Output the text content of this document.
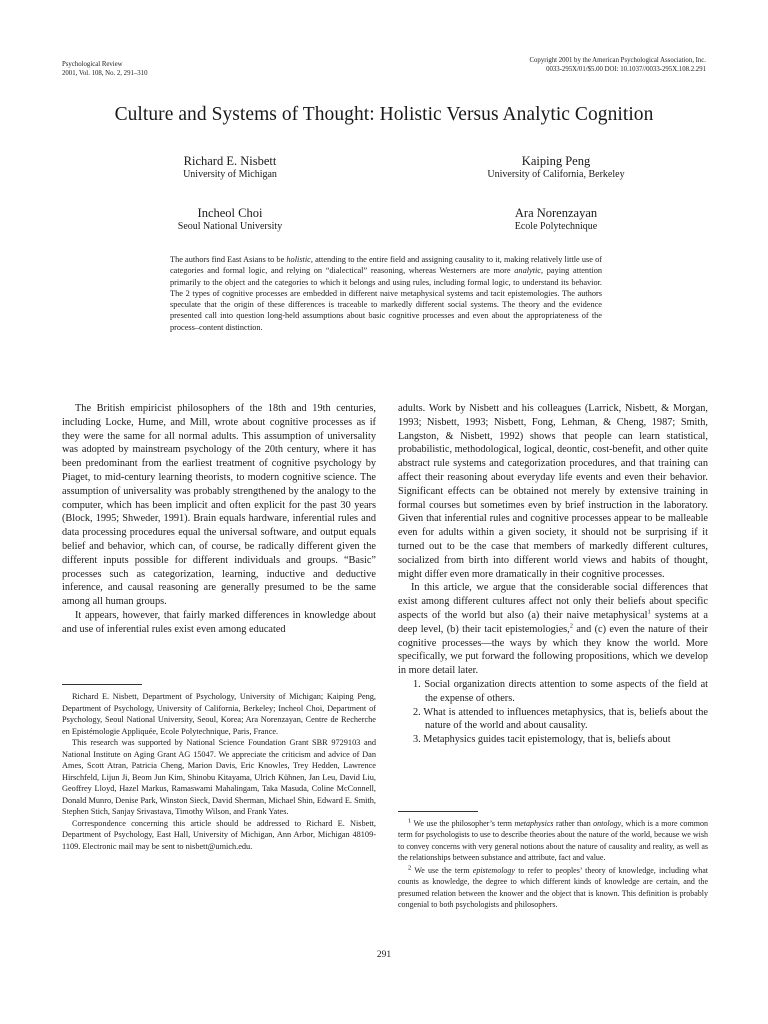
Psychological Review
2001, Vol. 108, No. 2, 291–310
Copyright 2001 by the American Psychological Association, Inc.
0033-295X/01/$5.00 DOI: 10.1037//0033-295X.108.2.291
Culture and Systems of Thought: Holistic Versus Analytic Cognition
Richard E. Nisbett
University of Michigan
Kaiping Peng
University of California, Berkeley
Incheol Choi
Seoul National University
Ara Norenzayan
Ecole Polytechnique
The authors find East Asians to be holistic, attending to the entire field and assigning causality to it, making relatively little use of categories and formal logic, and relying on “dialectical” reasoning, whereas Westerners are more analytic, paying attention primarily to the object and the categories to which it belongs and using rules, including formal logic, to understand its behavior. The 2 types of cognitive processes are embedded in different naive metaphysical systems and tacit epistemologies. The authors speculate that the origin of these differences is traceable to markedly different social systems. The theory and the evidence presented call into question long-held assumptions about basic cognitive processes and even about the appropriateness of the process–content distinction.

The British empiricist philosophers of the 18th and 19th centuries, including Locke, Hume, and Mill, wrote about cognitive processes as if they were the same for all normal adults. This assumption of universality was adopted by mainstream psychology of the 20th century, where it has been predominant from the earliest treatment of cognitive psychology by Piaget, to mid-century learning theorists, to modern cognitive science. The assumption of universality was probably strengthened by the analogy to the computer, which has been implicit and often explicit for the past 30 years (Block, 1995; Shweder, 1991). Brain equals hardware, inferential rules and data processing procedures equal the universal software, and output equals belief and behavior, which can, of course, be radically different given the different inputs possible for different individuals and groups. “Basic” processes such as categorization, learning, inductive and deductive inference, and causal reasoning are generally presumed to be the same among all human groups.

It appears, however, that fairly marked differences in knowledge about and use of inferential rules exist even among educated

Richard E. Nisbett, Department of Psychology, University of Michigan; Kaiping Peng, Department of Psychology, University of California, Berkeley; Incheol Choi, Department of Psychology, Seoul National University, Seoul, Korea; Ara Norenzayan, Centre de Recherche en Epistémologie Appliquée, Ecole Polytechnique, Paris, France.

This research was supported by National Science Foundation Grant SBR 9729103 and National Institute on Aging Grant AG 15047. We appreciate the criticism and advice of Dan Ames, Scott Atran, Patricia Cheng, Marion Davis, Eric Knowles, Trey Hedden, Lawrence Hirschfeld, Lijun Ji, Beom Jun Kim, Shinobu Kitayama, Ulrich Kühnen, Jan Leu, David Liu, Geoffrey Lloyd, Hazel Markus, Ramaswami Mahalingam, Taka Masuda, Coline McConnell, Donald Munro, Denise Park, Winston Sieck, David Sherman, Michael Shin, Edward E. Smith, Stephen Stich, Sanjay Srivastava, Timothy Wilson, and Frank Yates.

Correspondence concerning this article should be addressed to Richard E. Nisbett, Department of Psychology, East Hall, University of Michigan, Ann Arbor, Michigan 48109-1109. Electronic mail may be sent to nisbett@umich.edu.

adults. Work by Nisbett and his colleagues (Larrick, Nisbett, & Morgan, 1993; Nisbett, 1993; Nisbett, Fong, Lehman, & Cheng, 1987; Smith, Langston, & Nisbett, 1992) shows that people can learn statistical, probabilistic, methodological, logical, deontic, cost-benefit, and other quite abstract rule systems and categorization procedures, and that training can affect their reasoning about everyday life events and even their behavior. Significant effects can be obtained not merely by extensive training in formal courses but sometimes even by brief instruction in the laboratory. Given that inferential rules and cognitive processes appear to be malleable even for adults within a given society, it should not be surprising if it turned out to be the case that members of markedly different cultures, socialized from birth into different world views and habits of thought, might differ even more dramatically in their cognitive processes.

In this article, we argue that the considerable social differences that exist among different cultures affect not only their beliefs about specific aspects of the world but also (a) their naive metaphysical$^1$ systems at a deep level, (b) their tacit epistemologies,$^2$ and (c) even the nature of their cognitive processes—the ways by which they know the world. More specifically, we put forward the following propositions, which we develop in more detail later.

1. Social organization directs attention to some aspects of the field at the expense of others.
2. What is attended to influences metaphysics, that is, beliefs about the nature of the world and about causality.
3. Metaphysics guides tacit epistemology, that is, beliefs about

$^1$ We use the philosopher’s term metaphysics rather than ontology, which is a more common term for psychologists to use to describe theories about the nature of the world, because we wish to convey concerns with very general notions about the nature of causality and reality, as well as the relationships between substance and attribute, fact and value.

$^2$ We use the term epistemology to refer to peoples’ theory of knowledge, including what counts as knowledge, the degree to which different kinds of knowledge are certain, and the presumed relation between the knower and the object that is known. This definition is probably congenial to both psychologists and philosophers.

291
